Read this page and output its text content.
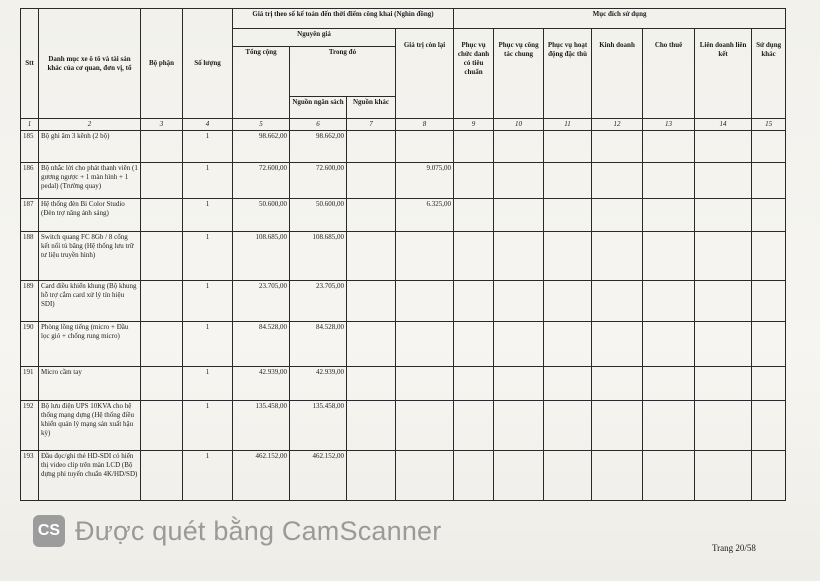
Stt	Danh mục xe ô tô và tài sản khác của cơ quan, đơn vị, tổ	Bộ phận	Số lượng	Giá trị theo sổ kế toán đến thời điểm công khai (Nghìn đồng)				Mục đích sử dụng						
				Nguyên giá			Giá trị còn lại	Phục vụ chức danh có tiêu chuẩn	Phục vụ công tác chung	Phục vụ hoạt động đặc thù	Kinh doanh	Cho thuê	Liên doanh liên kết	Sử dụng khác
				Tổng cộng	Trong đó									
					Nguồn ngân sách	Nguồn khác								
1	2	3	4	5	6	7	8	9	10	11	12	13	14	15
185	Bộ ghi âm 3 kênh (2 bộ)		1	98.662,00	98.662,00									
186	Bộ nhắc lời cho phát thanh viên (1 gương ngược + 1 màn hình + 1 pedal) (Trường quay)		1	72.600,00	72.600,00		9.075,00							
187	Hệ thống đèn Bi Color Studio (Đèn trợ năng ánh sáng)		1	50.600,00	50.600,00		6.325,00							
188	Switch quang FC 8Gb / 8 cổng kết nối tủ băng (Hệ thống lưu trữ tư liệu truyền hình)		1	108.685,00	108.685,00									
189	Card điều khiển khung (Bộ khung hỗ trợ cắm card xử lý tín hiệu SDI)		1	23.705,00	23.705,00									
190	Phòng lồng tiếng (micro + Đầu lọc gió + chống rung micro)		1	84.528,00	84.528,00									
191	Micro cầm tay		1	42.939,00	42.939,00									
192	Bộ lưu điện UPS 10KVA cho hệ thống mạng dựng (Hệ thống điều khiển quản lý mạng sản xuất hậu kỳ)		1	135.458,00	135.458,00									
193	Đầu đọc/ghi thẻ HD-SDI có hiển thị video clip trên màn LCD (Bộ dựng phi tuyến chuẩn 4K/HD/SD)		1	462.152,00	462.152,00									
CS Được quét bằng CamScanner
Trang 20/58
